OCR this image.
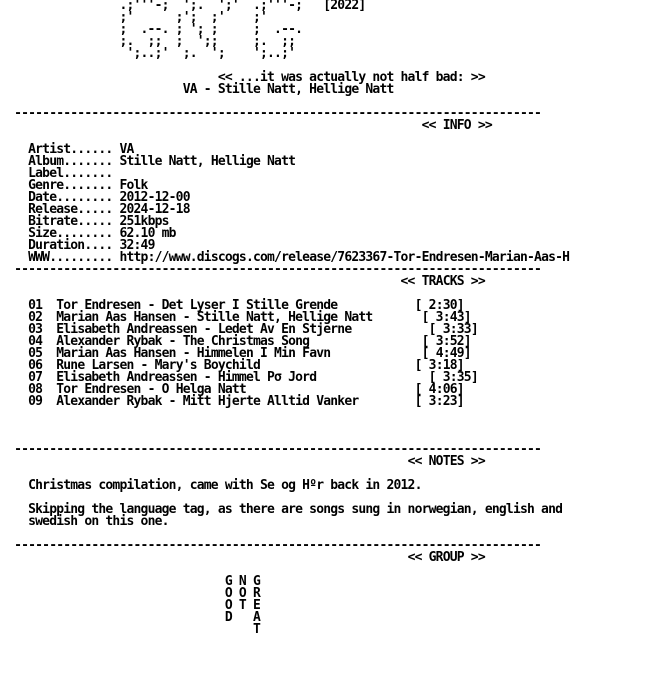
.;'''-;  ';.  ';'  .;'''-; [2022]
;'      ;';  ;'    ;'
;  .--. ; '; ;     ;  .--.
;.  ;;  ;  ';;     ;.  ;;
';..;'  ;.  ';    ';..;'

<< ...it was actually not half bad: >>
VA - Stille Natt, Hellige Natt

---------------------------------------------------------------------------
<< INFO >>

Artist...... VA
Album....... Stille Natt, Hellige Natt
Label.......
Genre....... Folk
Date........ 2012-12-00
Release..... 2024-12-18
Bitrate..... 251kbps
Size........ 62.10 mb
Duration.... 32:49
WWW......... http://www.discogs.com/release/7623367-Tor-Endresen-Marian-Aas-H
---------------------------------------------------------------------------
<< TRACKS >>

01 Tor Endresen - Det Lyser I Stille Grende	[ 2:30]
02 Marian Aas Hansen - Stille Natt, Hellige Natt	[ 3:43]
03 Elisabeth Andreassen - Ledet Av En Stjerne	[ 3:33]
04 Alexander Rybak - The Christmas Song	[ 3:52]
05 Marian Aas Hansen - Himmelen I Min Favn	[ 4:49]
06 Rune Larsen - Mary's Boychild	[ 3:18]
07 Elisabeth Andreassen - Himmel Pσ Jord	[ 3:35]
08 Tor Endresen - O Helga Natt	[ 4:06]
09 Alexander Rybak - Mitt Hjerte Alltid Vanker	[ 3:23]

---------------------------------------------------------------------------
<< NOTES >>

Christmas compilation, came with Se og Hºr back in 2012.

Skipping the language tag, as there are songs sung in norwegian, english and
swedish on this one.

---------------------------------------------------------------------------
<< GROUP >>

G N G
O O R
O T E
D   A
T
